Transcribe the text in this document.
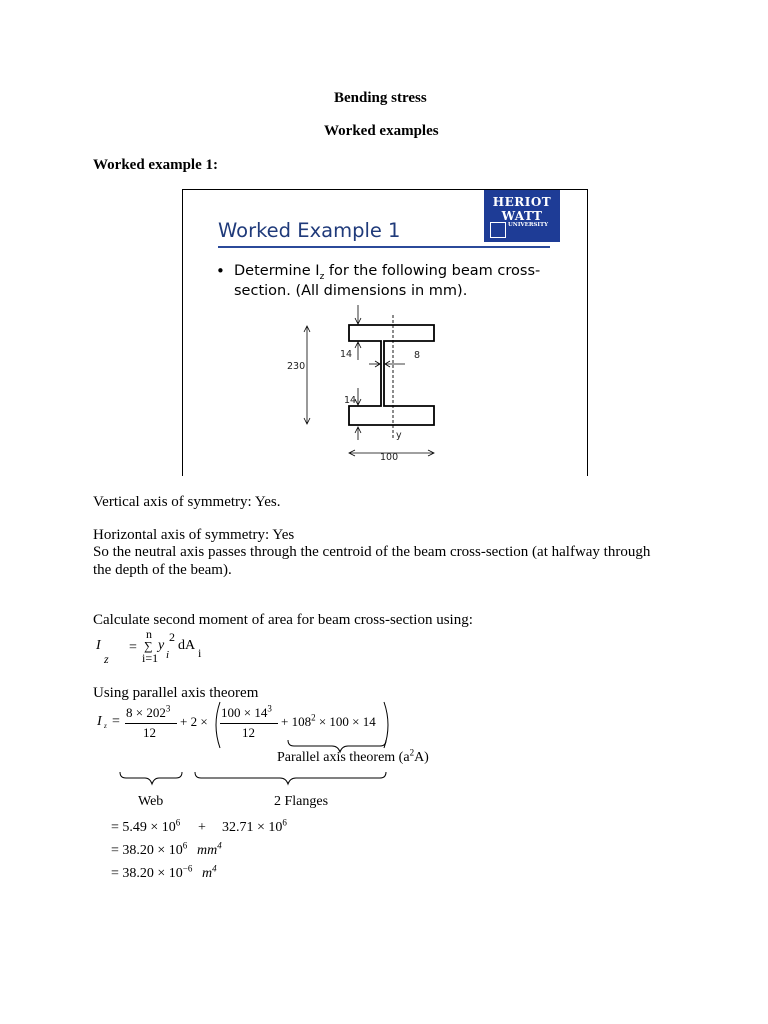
Bending stress
Worked examples
Worked example 1:
Worked Example 1
HERIOT
WATT
UNIVERSITY
• Determine $I_z$ for the following beam cross-
section. (All dimensions in mm).
230
14
14
8
100
y
Vertical axis of symmetry: Yes.
Horizontal axis of symmetry: Yes
So the neutral axis passes through the centroid of the beam cross-section (at halfway through
the depth of the beam).
Calculate second moment of area for beam cross-section using:
I
z
=
n
∑
i=1
y
2
i
dA i
Using parallel axis theorem
I z =
$8 \times 202^3$
12
+ 2 ×
$100 \times 14^3$
12
+ $108^2 \times 100 \times 14$
Parallel axis theorem $(a^2A)$
Web	2 Flanges
= $5.49 \times 10^6 + 32.71 \times 10^6$
= $38.20 \times 10^6$ $mm^4$
= $38.20 \times 10^{-6}$ $m^4$
